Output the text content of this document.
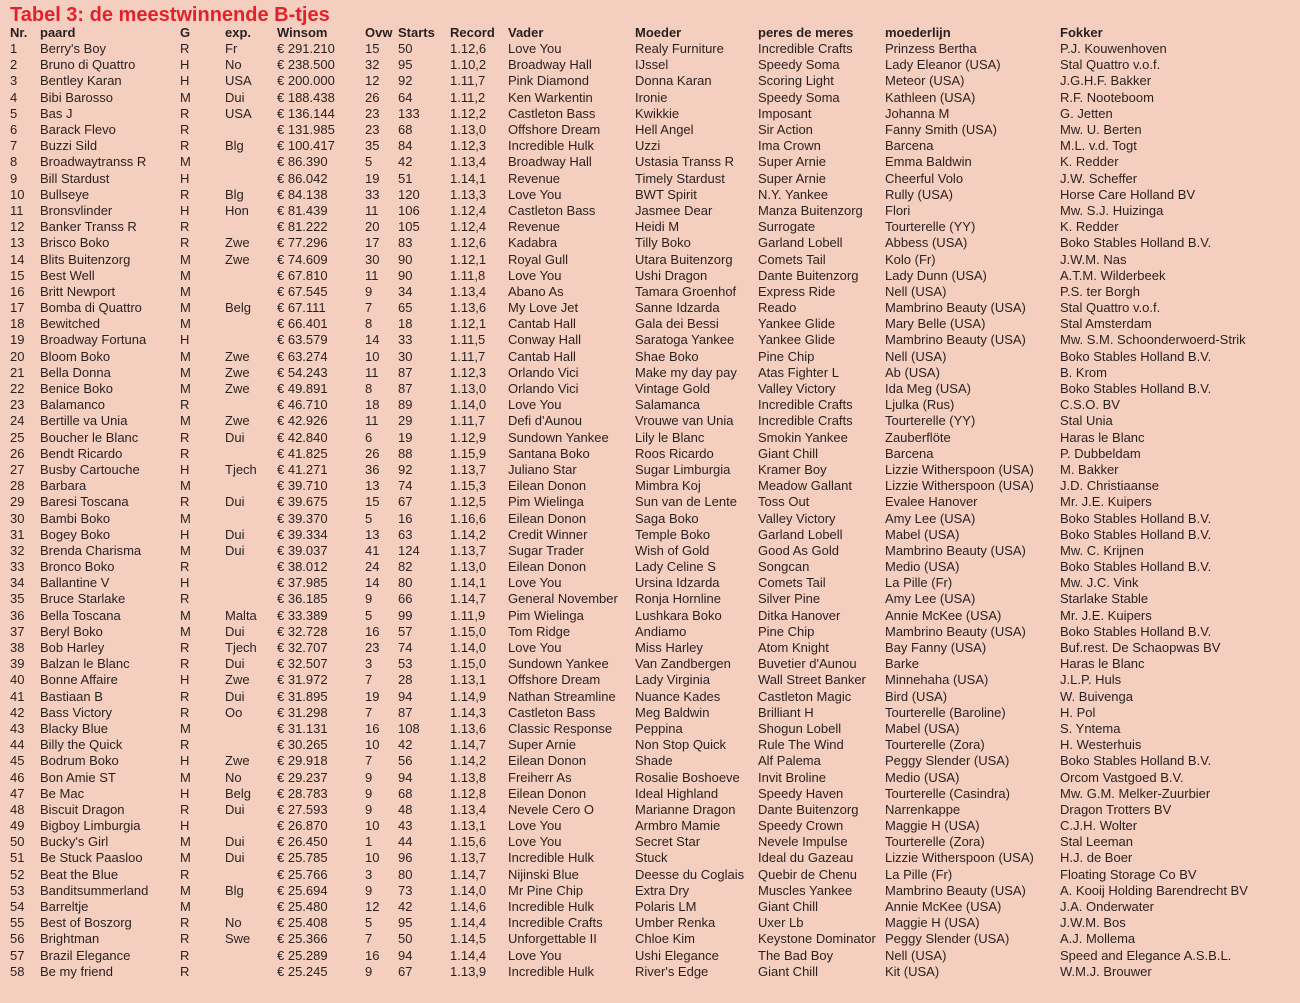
Tabel 3: de meestwinnende B-tjes
Nr.	paard	G	exp.	Winsom	Ovw	Starts	Record	Vader	Moeder	peres de meres	moederlijn	Fokker
1	Berry's Boy	R	Fr	€ 291.210	15	50	1.12,6	Love You	Realy Furniture	Incredible Crafts	Prinzess Bertha	P.J. Kouwenhoven
2	Bruno di Quattro	H	No	€ 238.500	32	95	1.10,2	Broadway Hall	IJssel	Speedy Soma	Lady Eleanor (USA)	Stal Quattro v.o.f.
3	Bentley Karan	H	USA	€ 200.000	12	92	1.11,7	Pink Diamond	Donna Karan	Scoring Light	Meteor (USA)	J.G.H.F. Bakker
4	Bibi Barosso	M	Dui	€ 188.438	26	64	1.11,2	Ken Warkentin	Ironie	Speedy Soma	Kathleen (USA)	R.F. Nooteboom
5	Bas J	R	USA	€ 136.144	23	133	1.12,2	Castleton Bass	Kwikkie	Imposant	Johanna M	G. Jetten
6	Barack Flevo	R		€ 131.985	23	68	1.13,0	Offshore Dream	Hell Angel	Sir Action	Fanny Smith (USA)	Mw. U. Berten
7	Buzzi Sild	R	Blg	€ 100.417	35	84	1.12,3	Incredible Hulk	Uzzi	Ima Crown	Barcena	M.L. v.d. Togt
8	Broadwaytranss R	M		€ 86.390	5	42	1.13,4	Broadway Hall	Ustasia Transs R	Super Arnie	Emma Baldwin	K. Redder
9	Bill Stardust	H		€ 86.042	19	51	1.14,1	Revenue	Timely Stardust	Super Arnie	Cheerful Volo	J.W. Scheffer
10	Bullseye	R	Blg	€ 84.138	33	120	1.13,3	Love You	BWT Spirit	N.Y. Yankee	Rully (USA)	Horse Care Holland BV
11	Bronsvlinder	H	Hon	€ 81.439	11	106	1.12,4	Castleton Bass	Jasmee Dear	Manza Buitenzorg	Flori	Mw. S.J. Huizinga
12	Banker Transs R	R		€ 81.222	20	105	1.12,4	Revenue	Heidi M	Surrogate	Tourterelle (YY)	K. Redder
13	Brisco Boko	R	Zwe	€ 77.296	17	83	1.12,6	Kadabra	Tilly Boko	Garland Lobell	Abbess (USA)	Boko Stables Holland B.V.
14	Blits Buitenzorg	M	Zwe	€ 74.609	30	90	1.12,1	Royal Gull	Utara Buitenzorg	Comets Tail	Kolo (Fr)	J.W.M. Nas
15	Best Well	M		€ 67.810	11	90	1.11,8	Love You	Ushi Dragon	Dante Buitenzorg	Lady Dunn (USA)	A.T.M. Wilderbeek
16	Britt Newport	M		€ 67.545	9	34	1.13,4	Abano As	Tamara Groenhof	Express Ride	Nell (USA)	P.S. ter Borgh
17	Bomba di Quattro	M	Belg	€ 67.111	7	65	1.13,6	My Love Jet	Sanne Idzarda	Reado	Mambrino Beauty (USA)	Stal Quattro v.o.f.
18	Bewitched	M		€ 66.401	8	18	1.12,1	Cantab Hall	Gala dei Bessi	Yankee Glide	Mary Belle (USA)	Stal Amsterdam
19	Broadway Fortuna	H		€ 63.579	14	33	1.11,5	Conway Hall	Saratoga Yankee	Yankee Glide	Mambrino Beauty (USA)	Mw. S.M. Schoonderwoerd-Strik
20	Bloom Boko	M	Zwe	€ 63.274	10	30	1.11,7	Cantab Hall	Shae Boko	Pine Chip	Nell (USA)	Boko Stables Holland B.V.
21	Bella Donna	M	Zwe	€ 54.243	11	87	1.12,3	Orlando Vici	Make my day pay	Atas Fighter L	Ab (USA)	B. Krom
22	Benice Boko	M	Zwe	€ 49.891	8	87	1.13,0	Orlando Vici	Vintage Gold	Valley Victory	Ida Meg (USA)	Boko Stables Holland B.V.
23	Balamanco	R		€ 46.710	18	89	1.14,0	Love You	Salamanca	Incredible Crafts	Ljulka (Rus)	C.S.O. BV
24	Bertille va Unia	M	Zwe	€ 42.926	11	29	1.11,7	Defi d'Aunou	Vrouwe van Unia	Incredible Crafts	Tourterelle (YY)	Stal Unia
25	Boucher le Blanc	R	Dui	€ 42.840	6	19	1.12,9	Sundown Yankee	Lily le Blanc	Smokin Yankee	Zauberflöte	Haras le Blanc
26	Bendt Ricardo	R		€ 41.825	26	88	1.15,9	Santana Boko	Roos Ricardo	Giant Chill	Barcena	P. Dubbeldam
27	Busby Cartouche	H	Tjech	€ 41.271	36	92	1.13,7	Juliano Star	Sugar Limburgia	Kramer Boy	Lizzie Witherspoon (USA)	M. Bakker
28	Barbara	M		€ 39.710	13	74	1.15,3	Eilean Donon	Mimbra Koj	Meadow Gallant	Lizzie Witherspoon (USA)	J.D. Christiaanse
29	Baresi Toscana	R	Dui	€ 39.675	15	67	1.12,5	Pim Wielinga	Sun van de Lente	Toss Out	Evalee Hanover	Mr. J.E. Kuipers
30	Bambi Boko	M		€ 39.370	5	16	1.16,6	Eilean Donon	Saga Boko	Valley Victory	Amy Lee (USA)	Boko Stables Holland B.V.
31	Bogey Boko	H	Dui	€ 39.334	13	63	1.14,2	Credit Winner	Temple Boko	Garland Lobell	Mabel (USA)	Boko Stables Holland B.V.
32	Brenda Charisma	M	Dui	€ 39.037	41	124	1.13,7	Sugar Trader	Wish of Gold	Good As Gold	Mambrino Beauty (USA)	Mw. C. Krijnen
33	Bronco Boko	R		€ 38.012	24	82	1.13,0	Eilean Donon	Lady Celine S	Songcan	Medio (USA)	Boko Stables Holland B.V.
34	Ballantine V	H		€ 37.985	14	80	1.14,1	Love You	Ursina Idzarda	Comets Tail	La Pille (Fr)	Mw. J.C. Vink
35	Bruce Starlake	R		€ 36.185	9	66	1.14,7	General November	Ronja Hornline	Silver Pine	Amy Lee (USA)	Starlake Stable
36	Bella Toscana	M	Malta	€ 33.389	5	99	1.11,9	Pim Wielinga	Lushkara Boko	Ditka Hanover	Annie McKee (USA)	Mr. J.E. Kuipers
37	Beryl Boko	M	Dui	€ 32.728	16	57	1.15,0	Tom Ridge	Andiamo	Pine Chip	Mambrino Beauty (USA)	Boko Stables Holland B.V.
38	Bob Harley	R	Tjech	€ 32.707	23	74	1.14,0	Love You	Miss Harley	Atom Knight	Bay Fanny (USA)	Buf.rest. De Schaopwas BV
39	Balzan le Blanc	R	Dui	€ 32.507	3	53	1.15,0	Sundown Yankee	Van Zandbergen	Buvetier d'Aunou	Barke	Haras le Blanc
40	Bonne Affaire	H	Zwe	€ 31.972	7	28	1.13,1	Offshore Dream	Lady Virginia	Wall Street Banker	Minnehaha (USA)	J.L.P. Huls
41	Bastiaan B	R	Dui	€ 31.895	19	94	1.14,9	Nathan Streamline	Nuance Kades	Castleton Magic	Bird (USA)	W. Buivenga
42	Bass Victory	R	Oo	€ 31.298	7	87	1.14,3	Castleton Bass	Meg Baldwin	Brilliant H	Tourterelle (Baroline)	H. Pol
43	Blacky Blue	M		€ 31.131	16	108	1.13,6	Classic Response	Peppina	Shogun Lobell	Mabel (USA)	S. Yntema
44	Billy the Quick	R		€ 30.265	10	42	1.14,7	Super Arnie	Non Stop Quick	Rule The Wind	Tourterelle (Zora)	H. Westerhuis
45	Bodrum Boko	H	Zwe	€ 29.918	7	56	1.14,2	Eilean Donon	Shade	Alf Palema	Peggy Slender (USA)	Boko Stables Holland B.V.
46	Bon Amie ST	M	No	€ 29.237	9	94	1.13,8	Freiherr As	Rosalie Boshoeve	Invit Broline	Medio (USA)	Orcom Vastgoed B.V.
47	Be Mac	H	Belg	€ 28.783	9	68	1.12,8	Eilean Donon	Ideal Highland	Speedy Haven	Tourterelle (Casindra)	Mw. G.M. Melker-Zuurbier
48	Biscuit Dragon	R	Dui	€ 27.593	9	48	1.13,4	Nevele Cero O	Marianne Dragon	Dante Buitenzorg	Narrenkappe	Dragon Trotters BV
49	Bigboy Limburgia	H		€ 26.870	10	43	1.13,1	Love You	Armbro Mamie	Speedy Crown	Maggie H (USA)	C.J.H. Wolter
50	Bucky's Girl	M	Dui	€ 26.450	1	44	1.15,6	Love You	Secret Star	Nevele Impulse	Tourterelle (Zora)	Stal Leeman
51	Be Stuck Paasloo	M	Dui	€ 25.785	10	96	1.13,7	Incredible Hulk	Stuck	Ideal du Gazeau	Lizzie Witherspoon (USA)	H.J. de Boer
52	Beat the Blue	R		€ 25.766	3	80	1.14,7	Nijinski Blue	Deesse du Coglais	Quebir de Chenu	La Pille (Fr)	Floating Storage Co BV
53	Banditsummerland	M	Blg	€ 25.694	9	73	1.14,0	Mr Pine Chip	Extra Dry	Muscles Yankee	Mambrino Beauty (USA)	A. Kooij Holding Barendrecht BV
54	Barreltje	M		€ 25.480	12	42	1.14,6	Incredible Hulk	Polaris LM	Giant Chill	Annie McKee (USA)	J.A. Onderwater
55	Best of Boszorg	R	No	€ 25.408	5	95	1.14,4	Incredible Crafts	Umber Renka	Uxer Lb	Maggie H (USA)	J.W.M. Bos
56	Brightman	R	Swe	€ 25.366	7	50	1.14,5	Unforgettable II	Chloe Kim	Keystone Dominator	Peggy Slender (USA)	A.J. Mollema
57	Brazil Elegance	R		€ 25.289	16	94	1.14,4	Love You	Ushi Elegance	The Bad Boy	Nell (USA)	Speed and Elegance A.S.B.L.
58	Be my friend	R		€ 25.245	9	67	1.13,9	Incredible Hulk	River's Edge	Giant Chill	Kit (USA)	W.M.J. Brouwer
